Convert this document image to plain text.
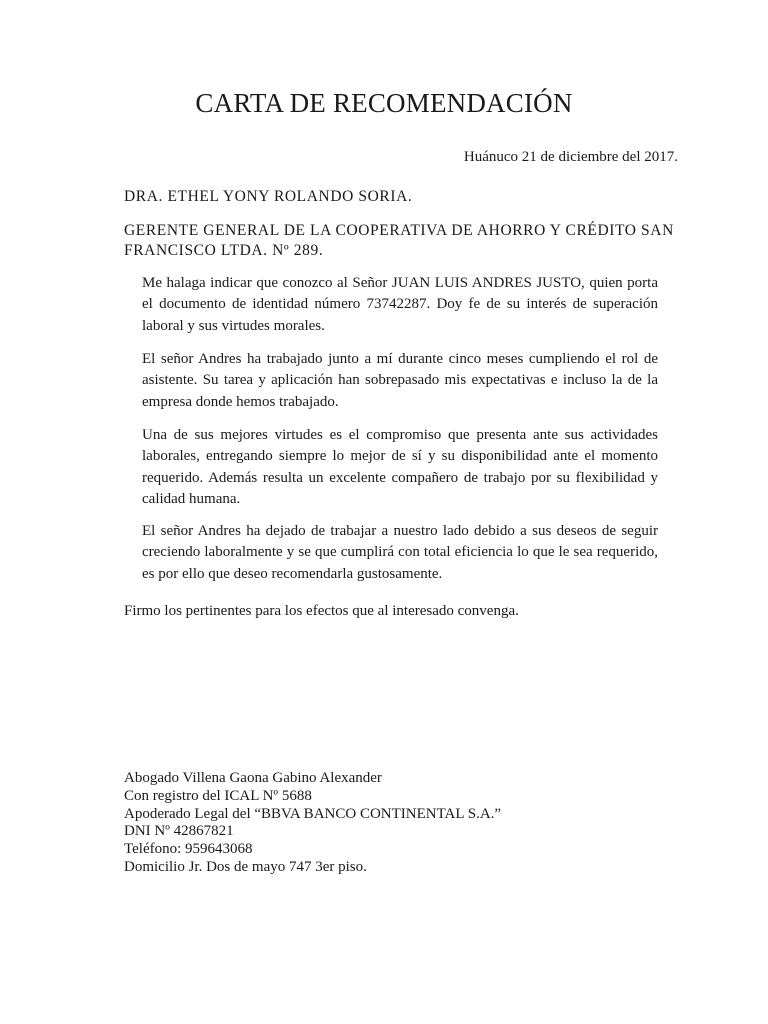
CARTA DE RECOMENDACIÓN

Huánuco 21 de diciembre del 2017.

DRA. ETHEL YONY ROLANDO SORIA.

GERENTE GENERAL DE LA COOPERATIVA DE AHORRO Y CRÉDITO SAN FRANCISCO LTDA. Nº 289.

Me halaga indicar que conozco al Señor JUAN LUIS ANDRES JUSTO, quien porta el documento de identidad número 73742287. Doy fe de su interés de superación laboral y sus virtudes morales.

El señor Andres ha trabajado junto a mí durante cinco meses cumpliendo el rol de asistente. Su tarea y aplicación han sobrepasado mis expectativas e incluso la de la empresa donde hemos trabajado.

Una de sus mejores virtudes es el compromiso que presenta ante sus actividades laborales, entregando siempre lo mejor de sí y su disponibilidad ante el momento requerido. Además resulta un excelente compañero de trabajo por su flexibilidad y calidad humana.

El señor Andres ha dejado de trabajar a nuestro lado debido a sus deseos de seguir creciendo laboralmente y se que cumplirá con total eficiencia lo que le sea requerido, es por ello que deseo recomendarla gustosamente.

Firmo los pertinentes para los efectos que al interesado convenga.

Abogado Villena Gaona Gabino Alexander
Con registro del ICAL Nº 5688
Apoderado Legal del “BBVA BANCO CONTINENTAL S.A.”
DNI Nº 42867821
Teléfono: 959643068
Domicilio Jr. Dos de mayo 747 3er piso.
